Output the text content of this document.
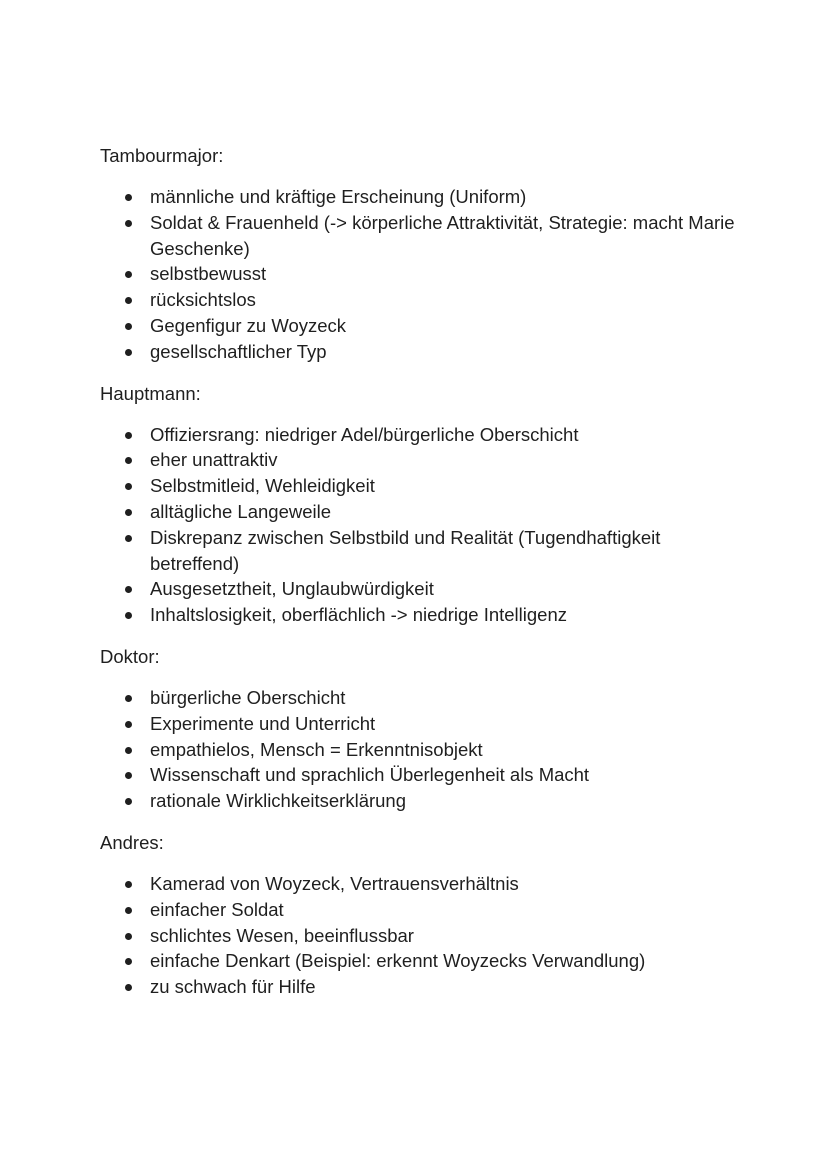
Tambourmajor:
männliche und kräftige Erscheinung (Uniform)
Soldat & Frauenheld (-> körperliche Attraktivität, Strategie: macht Marie Geschenke)
selbstbewusst
rücksichtslos
Gegenfigur zu Woyzeck
gesellschaftlicher Typ
Hauptmann:
Offiziersrang: niedriger Adel/bürgerliche Oberschicht
eher unattraktiv
Selbstmitleid, Wehleidigkeit
alltägliche Langeweile
Diskrepanz zwischen Selbstbild und Realität (Tugendhaftigkeit betreffend)
Ausgesetztheit, Unglaubwürdigkeit
Inhaltslosigkeit, oberflächlich -> niedrige Intelligenz
Doktor:
bürgerliche Oberschicht
Experimente und Unterricht
empathielos, Mensch = Erkenntnisobjekt
Wissenschaft und sprachlich Überlegenheit als Macht
rationale Wirklichkeitserklärung
Andres:
Kamerad von Woyzeck, Vertrauensverhältnis
einfacher Soldat
schlichtes Wesen, beeinflussbar
einfache Denkart (Beispiel: erkennt Woyzecks Verwandlung)
zu schwach für Hilfe
